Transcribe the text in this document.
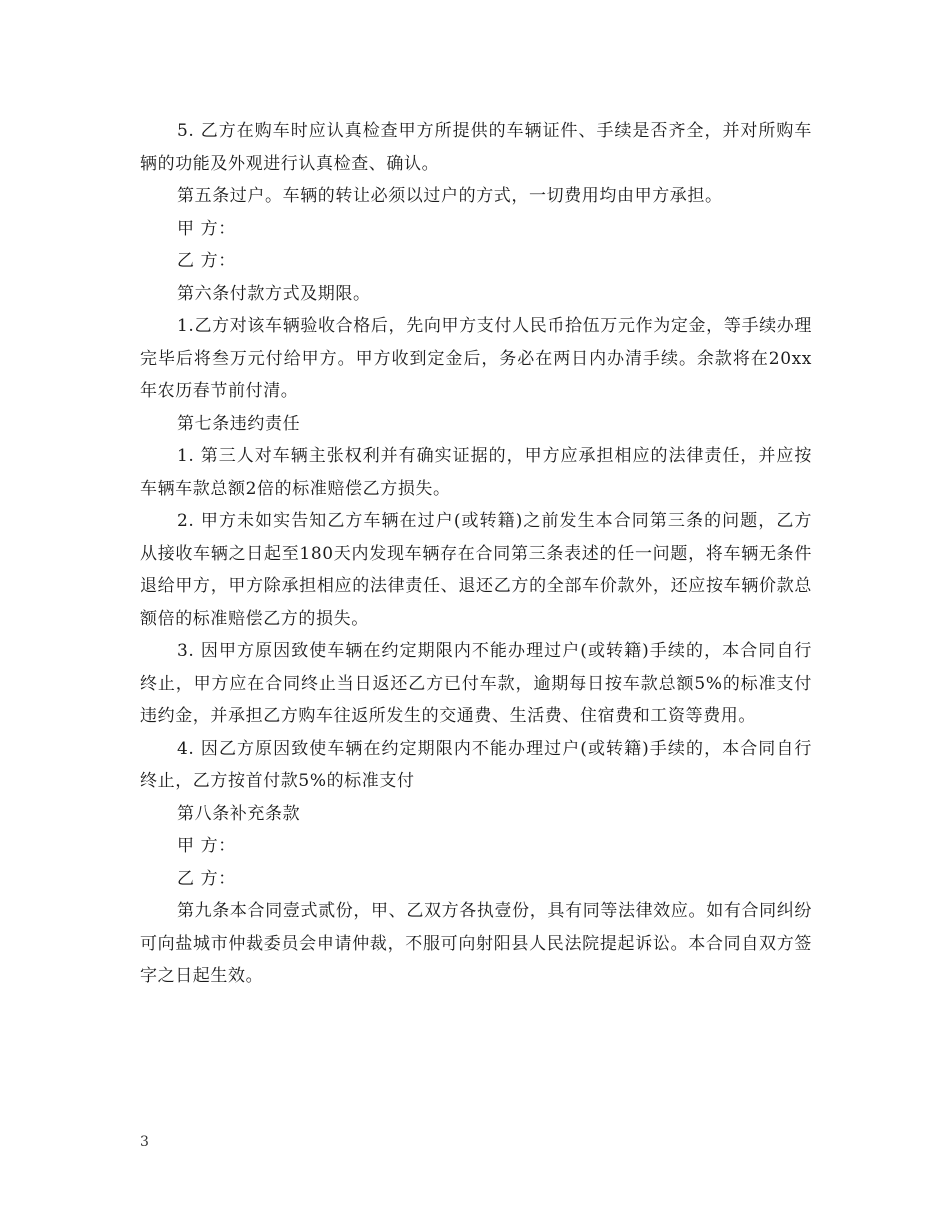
5. 乙方在购车时应认真检查甲方所提供的车辆证件、手续是否齐全，并对所购车辆的功能及外观进行认真检查、确认。

第五条过户。车辆的转让必须以过户的方式，一切费用均由甲方承担。

甲 方：

乙 方：

第六条付款方式及期限。

1.乙方对该车辆验收合格后，先向甲方支付人民币拾伍万元作为定金，等手续办理完毕后将叁万元付给甲方。甲方收到定金后，务必在两日内办清手续。余款将在20xx年农历春节前付清。

第七条违约责任

1. 第三人对车辆主张权利并有确实证据的，甲方应承担相应的法律责任，并应按车辆车款总额2倍的标准赔偿乙方损失。

2. 甲方未如实告知乙方车辆在过户(或转籍)之前发生本合同第三条的问题，乙方从接收车辆之日起至180天内发现车辆存在合同第三条表述的任一问题，将车辆无条件退给甲方，甲方除承担相应的法律责任、退还乙方的全部车价款外，还应按车辆价款总额倍的标准赔偿乙方的损失。

3. 因甲方原因致使车辆在约定期限内不能办理过户(或转籍)手续的，本合同自行终止，甲方应在合同终止当日返还乙方已付车款，逾期每日按车款总额5%的标准支付违约金，并承担乙方购车往返所发生的交通费、生活费、住宿费和工资等费用。

4. 因乙方原因致使车辆在约定期限内不能办理过户(或转籍)手续的，本合同自行终止，乙方按首付款5%的标准支付

第八条补充条款

甲 方：

乙 方：

第九条本合同壹式贰份，甲、乙双方各执壹份，具有同等法律效应。如有合同纠纷可向盐城市仲裁委员会申请仲裁，不服可向射阳县人民法院提起诉讼。本合同自双方签字之日起生效。

3
